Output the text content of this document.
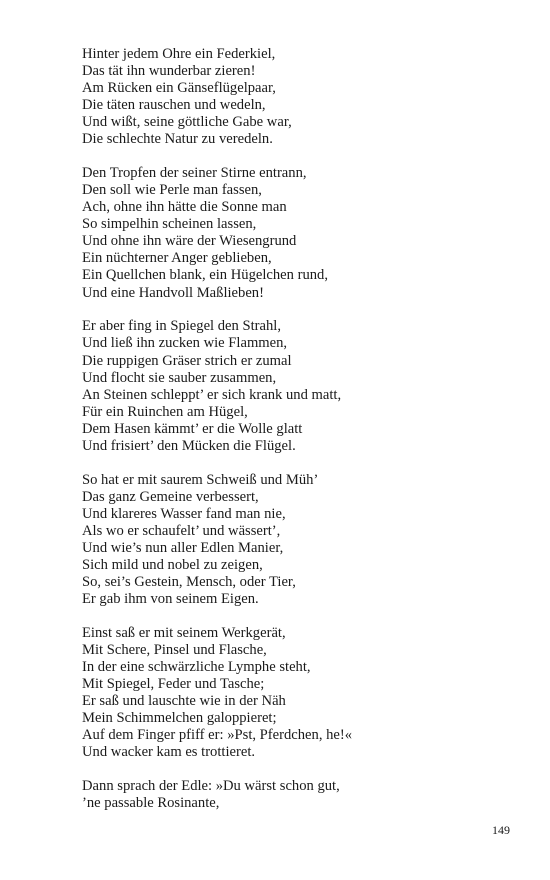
Hinter jedem Ohre ein Federkiel,
Das tät ihn wunderbar zieren!
Am Rücken ein Gänseflügelpaar,
Die täten rauschen und wedeln,
Und wißt, seine göttliche Gabe war,
Die schlechte Natur zu veredeln.
Den Tropfen der seiner Stirne entrann,
Den soll wie Perle man fassen,
Ach, ohne ihn hätte die Sonne man
So simpelhin scheinen lassen,
Und ohne ihn wäre der Wiesengrund
Ein nüchterner Anger geblieben,
Ein Quellchen blank, ein Hügelchen rund,
Und eine Handvoll Maßlieben!
Er aber fing in Spiegel den Strahl,
Und ließ ihn zucken wie Flammen,
Die ruppigen Gräser strich er zumal
Und flocht sie sauber zusammen,
An Steinen schleppt’ er sich krank und matt,
Für ein Ruinchen am Hügel,
Dem Hasen kämmt’ er die Wolle glatt
Und frisiert’ den Mücken die Flügel.
So hat er mit saurem Schweiß und Müh’
Das ganz Gemeine verbessert,
Und klareres Wasser fand man nie,
Als wo er schaufelt’ und wässert’,
Und wie’s nun aller Edlen Manier,
Sich mild und nobel zu zeigen,
So, sei’s Gestein, Mensch, oder Tier,
Er gab ihm von seinem Eigen.
Einst saß er mit seinem Werkgerät,
Mit Schere, Pinsel und Flasche,
In der eine schwärzliche Lymphe steht,
Mit Spiegel, Feder und Tasche;
Er saß und lauschte wie in der Näh
Mein Schimmelchen galoppieret;
Auf dem Finger pfiff er: »Pst, Pferdchen, he!«
Und wacker kam es trottieret.
Dann sprach der Edle: »Du wärst schon gut,
’ne passable Rosinante,
149
